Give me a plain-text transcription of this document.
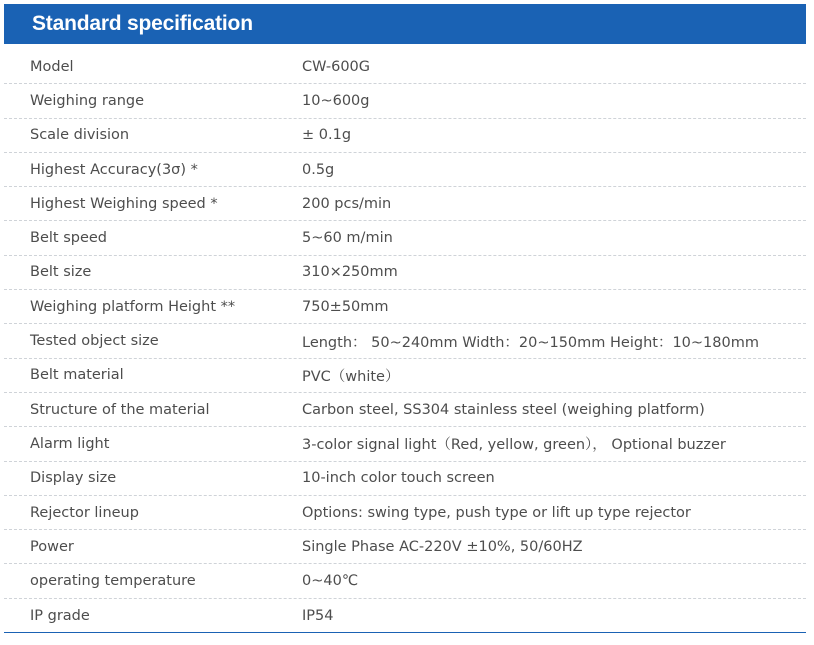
Standard specification
Model	CW-600G
Weighing range	10~600g
Scale division	± 0.1g
Highest Accuracy(3σ) *	0.5g
Highest Weighing speed *	200 pcs/min
Belt speed	5~60 m/min
Belt size	310×250mm
Weighing platform Height **	750±50mm
Tested object size	Length： 50~240mm Width：20~150mm Height：10~180mm
Belt material	PVC（white）
Structure of the material	Carbon steel, SS304 stainless steel (weighing platform)
Alarm light	3-color signal light（Red, yellow, green）， Optional buzzer
Display size	10-inch color touch screen
Rejector lineup	Options: swing type, push type or lift up type rejector
Power	Single Phase AC-220V ±10%, 50/60HZ
operating temperature	0~40℃
IP grade	IP54
